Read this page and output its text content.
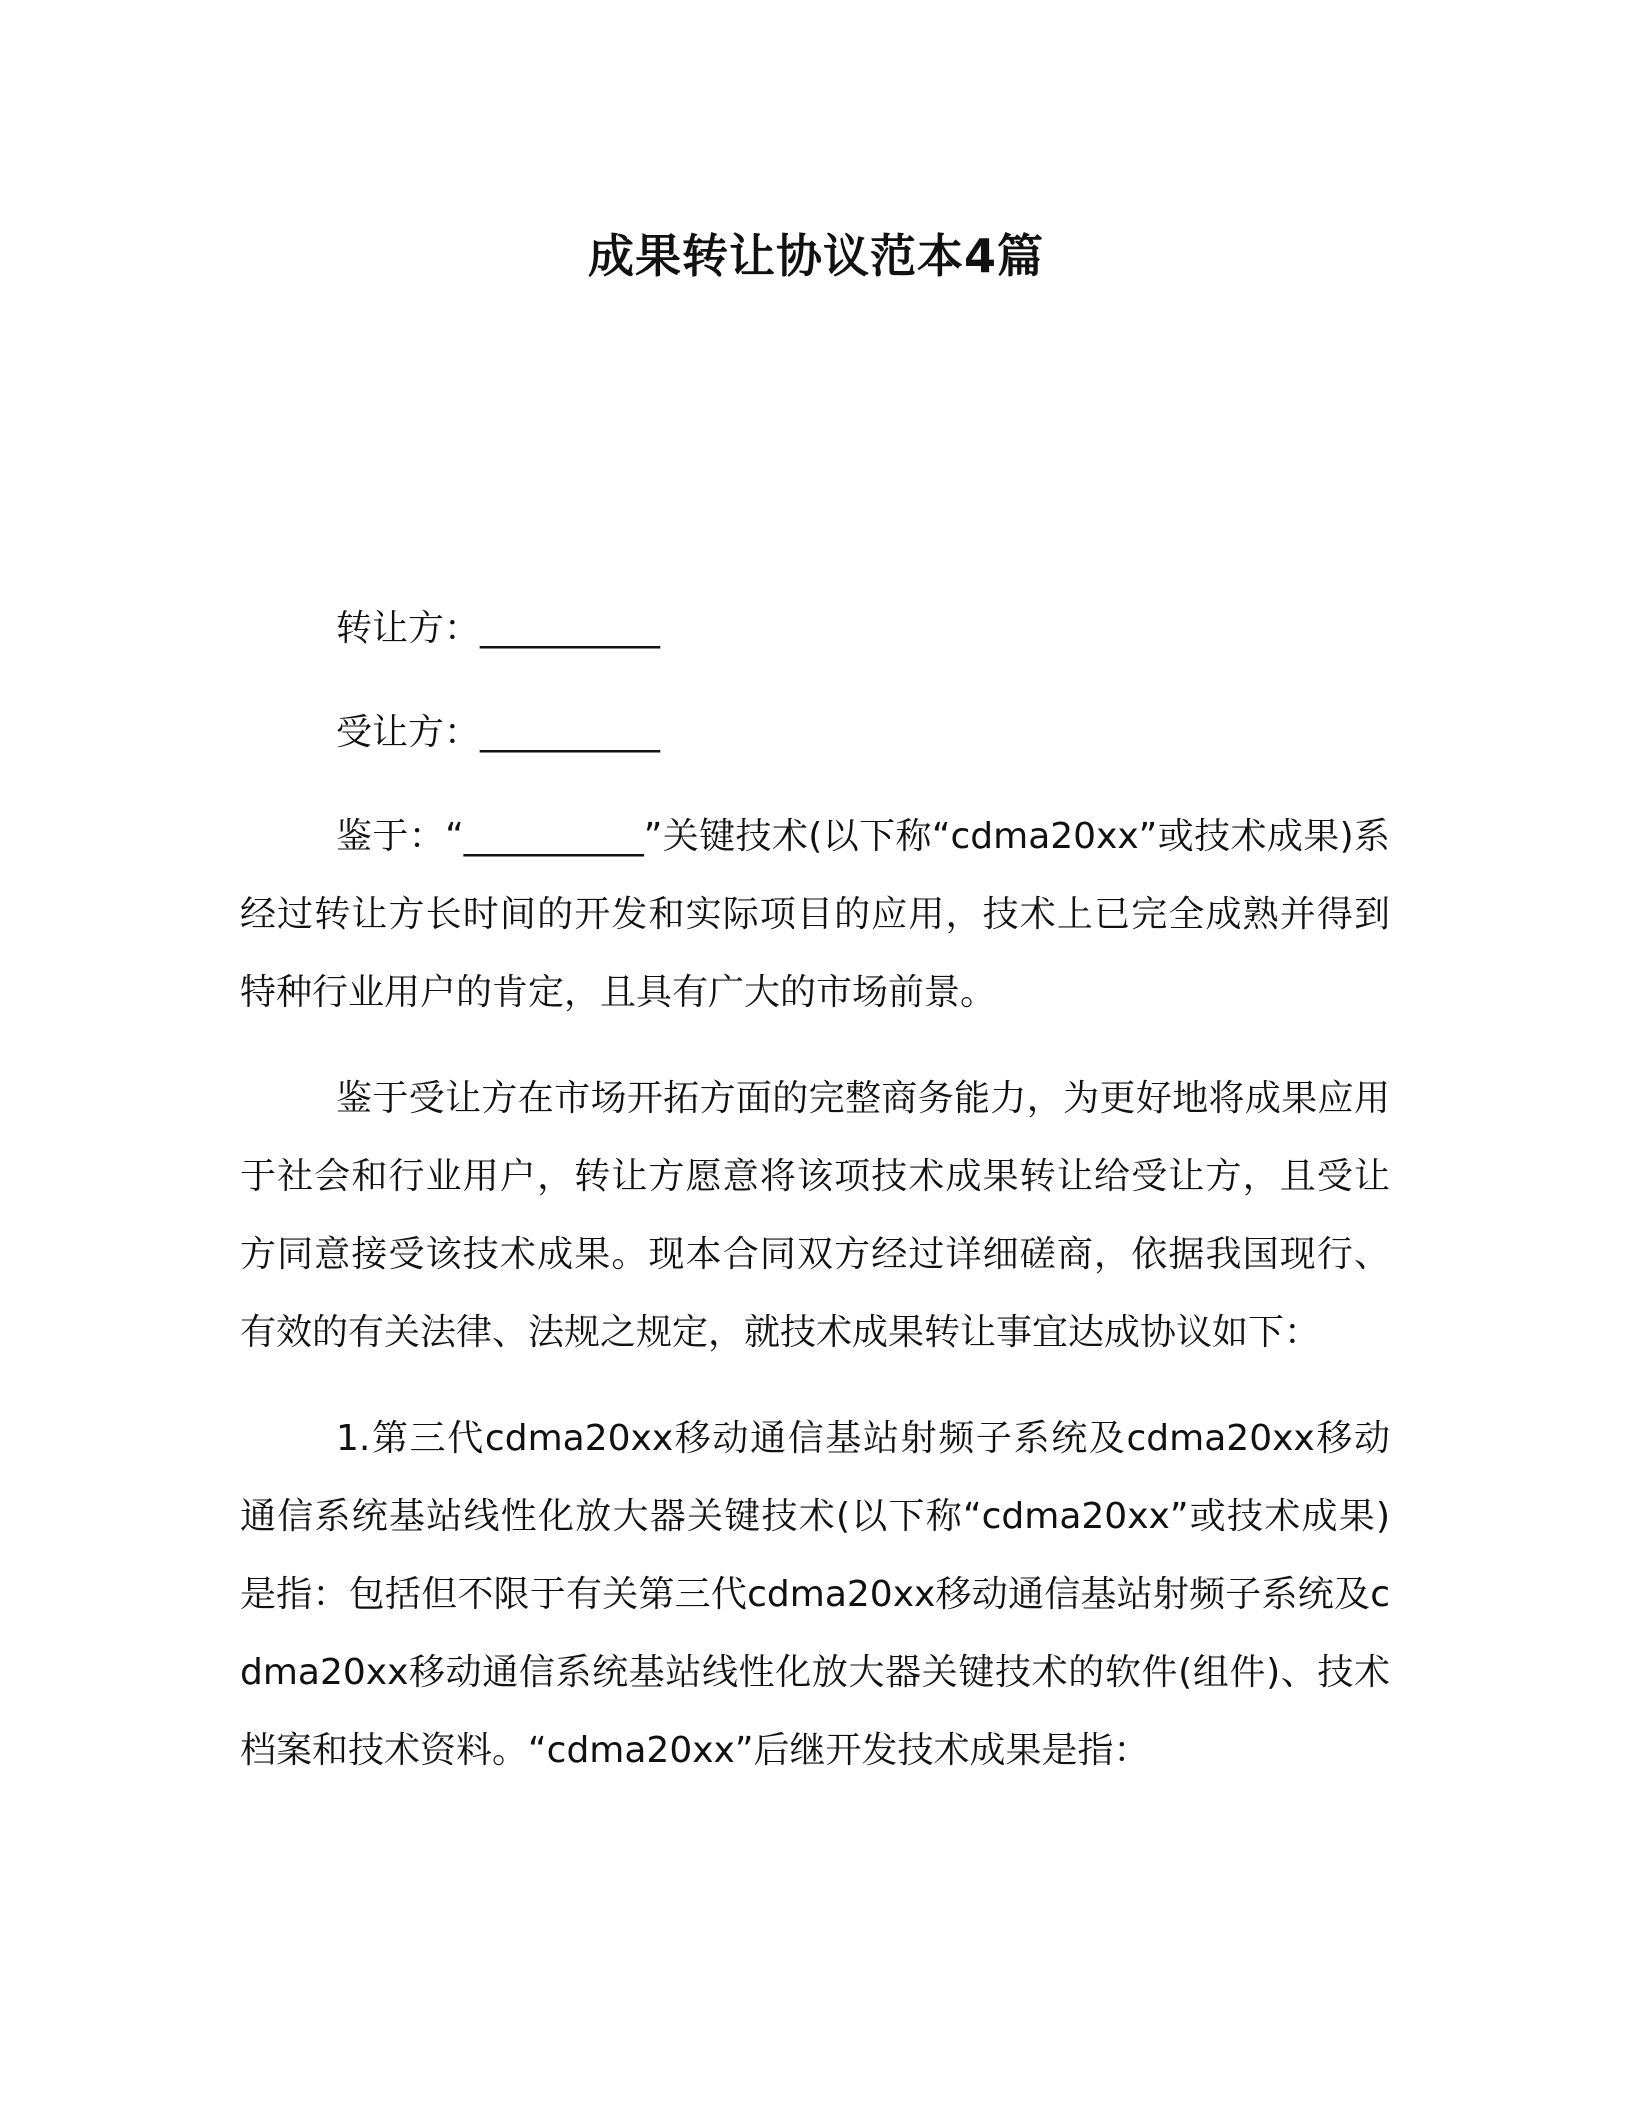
成果转让协议范本4篇

转让方：__________

受让方：__________

鉴于：“__________”关键技术(以下称“cdma20xx”或技术成果)系经过转让方长时间的开发和实际项目的应用，技术上已完全成熟并得到特种行业用户的肯定，且具有广大的市场前景。

鉴于受让方在市场开拓方面的完整商务能力，为更好地将成果应用于社会和行业用户，转让方愿意将该项技术成果转让给受让方，且受让方同意接受该技术成果。现本合同双方经过详细磋商，依据我国现行、有效的有关法律、法规之规定，就技术成果转让事宜达成协议如下：

1.第三代cdma20xx移动通信基站射频子系统及cdma20xx移动通信系统基站线性化放大器关键技术(以下称“cdma20xx”或技术成果)是指：包括但不限于有关第三代cdma20xx移动通信基站射频子系统及cdma20xx移动通信系统基站线性化放大器关键技术的软件(组件)、技术档案和技术资料。“cdma20xx”后继开发技术成果是指：
